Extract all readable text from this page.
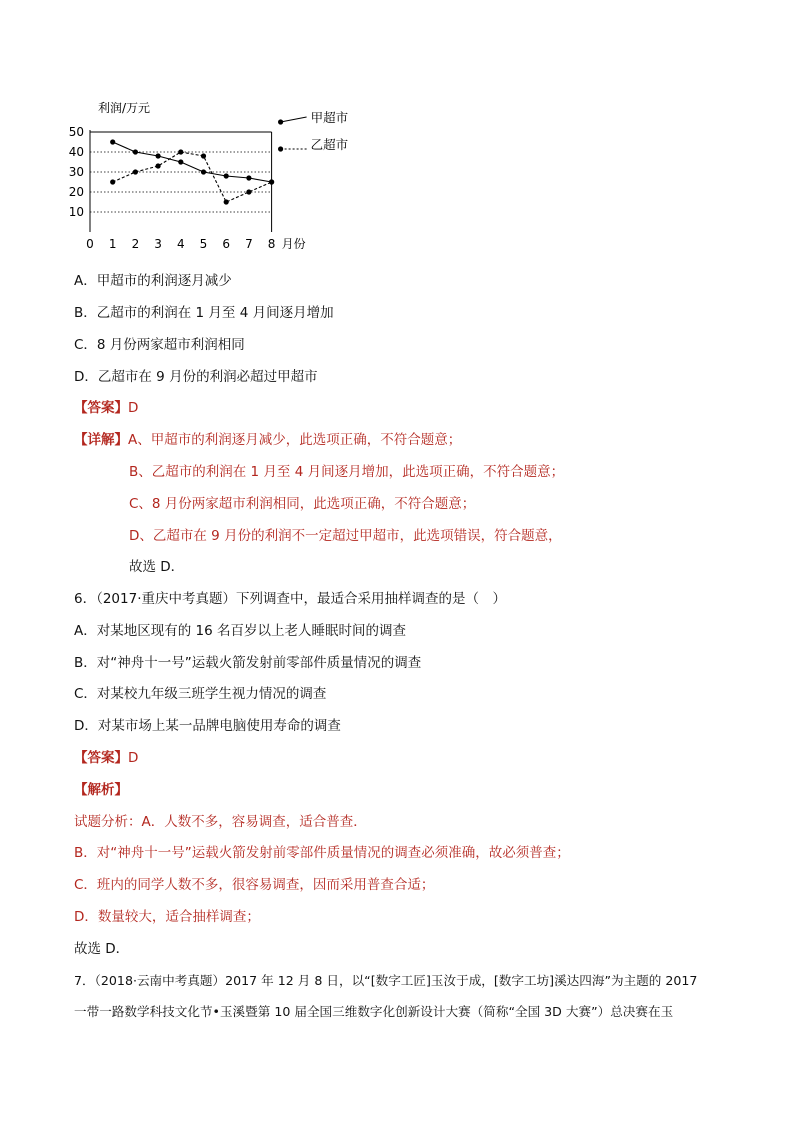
10
20
30
40
50
0 1 2 3 4 5 6 7 8
利润/万元
月份
甲超市
乙超市
A．甲超市的利润逐月减少
B．乙超市的利润在 1 月至 4 月间逐月增加
C．8 月份两家超市利润相同
D．乙超市在 9 月份的利润必超过甲超市
【答案】D
【详解】A、甲超市的利润逐月减少，此选项正确，不符合题意；
B、乙超市的利润在 1 月至 4 月间逐月增加，此选项正确，不符合题意；
C、8 月份两家超市利润相同，此选项正确，不符合题意；
D、乙超市在 9 月份的利润不一定超过甲超市，此选项错误，符合题意，
故选 D．
6．（2017·重庆中考真题）下列调查中，最适合采用抽样调查的是（　）
A．对某地区现有的 16 名百岁以上老人睡眠时间的调查
B．对“神舟十一号”运载火箭发射前零部件质量情况的调查
C．对某校九年级三班学生视力情况的调查
D．对某市场上某一品牌电脑使用寿命的调查
【答案】D
【解析】
试题分析：A．人数不多，容易调查，适合普查．
B．对“神舟十一号”运载火箭发射前零部件质量情况的调查必须准确，故必须普查；
C．班内的同学人数不多，很容易调查，因而采用普查合适；
D．数量较大，适合抽样调查；
故选 D．
7．（2018·云南中考真题）2017 年 12 月 8 日，以“[数字工匠]玉汝于成，[数字工坊]溪达四海”为主题的 2017
一带一路数学科技文化节•玉溪暨第 10 届全国三维数字化创新设计大赛（简称“全国 3D 大赛”）总决赛在玉
